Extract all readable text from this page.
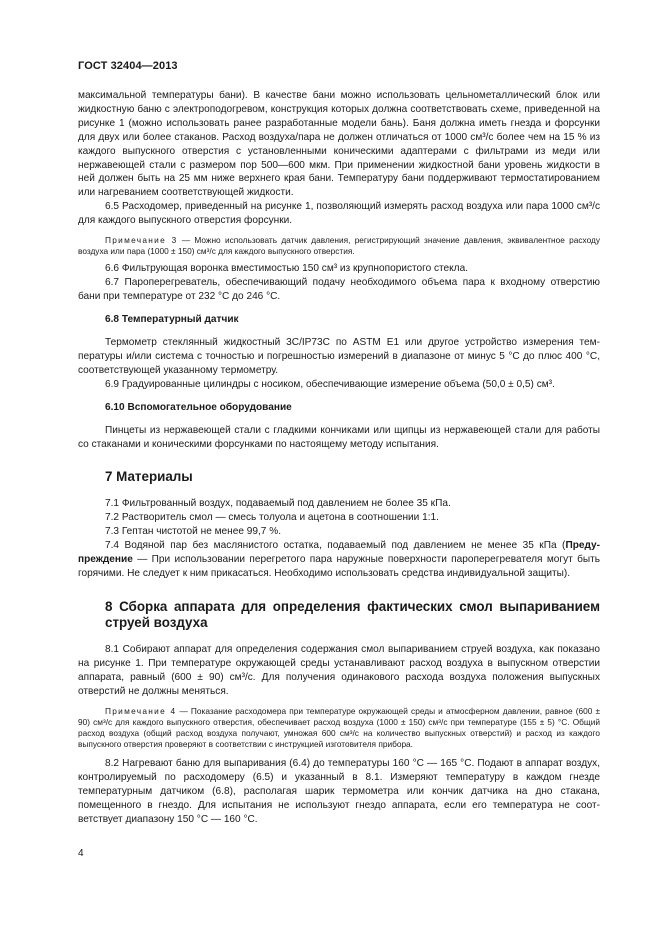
ГОСТ 32404—2013

максимальной температуры бани). В качестве бани можно использовать цельнометаллический блок или жидкостную баню с электроподогревом, конструкция которых должна соответствовать схеме, приведенной на рисунке 1 (можно использовать ранее разработанные модели бань). Баня должна иметь гнезда и форсунки для двух или более стаканов. Расход воздуха/пара не должен отличаться от 1000 см³/с более чем на 15 % из каждого выпускного отверстия с установленными коническими адаптерами с фильтрами из меди или нержавеющей стали с размером пор 500—600 мкм. При применении жидкостной бани уровень жидкости в ней должен быть на 25 мм ниже верхнего края бани. Температуру бани поддерживают термостатированием или нагреванием соответствующей жидкости.

6.5 Расходомер, приведенный на рисунке 1, позволяющий измерять расход воздуха или пара 1000 см³/с для каждого выпускного отверстия форсунки.

Примечание 3 — Можно использовать датчик давления, регистрирующий значение давления, эквивалентное расходу воздуха или пара (1000 ± 150) см³/с для каждого выпускного отверстия.

6.6 Фильтрующая воронка вместимостью 150 см³ из крупнопористого стекла.

6.7 Пароперегреватель, обеспечивающий подачу необходимого объема пара к входному отверстию бани при температуре от 232 °С до 246 °С.

6.8 Температурный датчик

Термометр стеклянный жидкостный 3C/IP73C по ASTM E1 или другое устройство измерения температуры и/или система с точностью и погрешностью измерений в диапазоне от минус 5 °С до плюс 400 °С, соответствующей указанному термометру.

6.9 Градуированные цилиндры с носиком, обеспечивающие измерение объема (50,0 ± 0,5) см³.

6.10 Вспомогательное оборудование

Пинцеты из нержавеющей стали с гладкими кончиками или щипцы из нержавеющей стали для работы со стаканами и коническими форсунками по настоящему методу испытания.

7 Материалы

7.1 Фильтрованный воздух, подаваемый под давлением не более 35 кПа.

7.2 Растворитель смол — смесь толуола и ацетона в соотношении 1:1.

7.3 Гептан чистотой не менее 99,7 %.

7.4 Водяной пар без маслянистого остатка, подаваемый под давлением не менее 35 кПа (Предупреждение — При использовании перегретого пара наружные поверхности пароперегревателя могут быть горячими. Не следует к ним прикасаться. Необходимо использовать средства индивидуальной защиты).

8 Сборка аппарата для определения фактических смол выпариванием струей воздуха

8.1 Собирают аппарат для определения содержания смол выпариванием струей воздуха, как показано на рисунке 1. При температуре окружающей среды устанавливают расход воздуха в выпускном отверстии аппарата, равный (600 ± 90) см³/с. Для получения одинакового расхода воздуха положения выпускных отверстий не должны меняться.

Примечание 4 — Показание расходомера при температуре окружающей среды и атмосферном давлении, равное (600 ± 90) см³/с для каждого выпускного отверстия, обеспечивает расход воздуха (1000 ± 150) см³/с при температуре (155 ± 5) °С. Общий расход воздуха (общий расход воздуха получают, умножая 600 см³/с на количество выпускных отверстий) и расход из каждого выпускного отверстия проверяют в соответствии с инструкцией изготовителя прибора.

8.2 Нагревают баню для выпаривания (6.4) до температуры 160 °С — 165 °С. Подают в аппарат воздух, контролируемый по расходомеру (6.5) и указанный в 8.1. Измеряют температуру в каждом гнезде температурным датчиком (6.8), располагая шарик термометра или кончик датчика на дно стакана, помещенного в гнездо. Для испытания не используют гнездо аппарата, если его температура не соответствует диапазону 150 °С — 160 °С.

4
